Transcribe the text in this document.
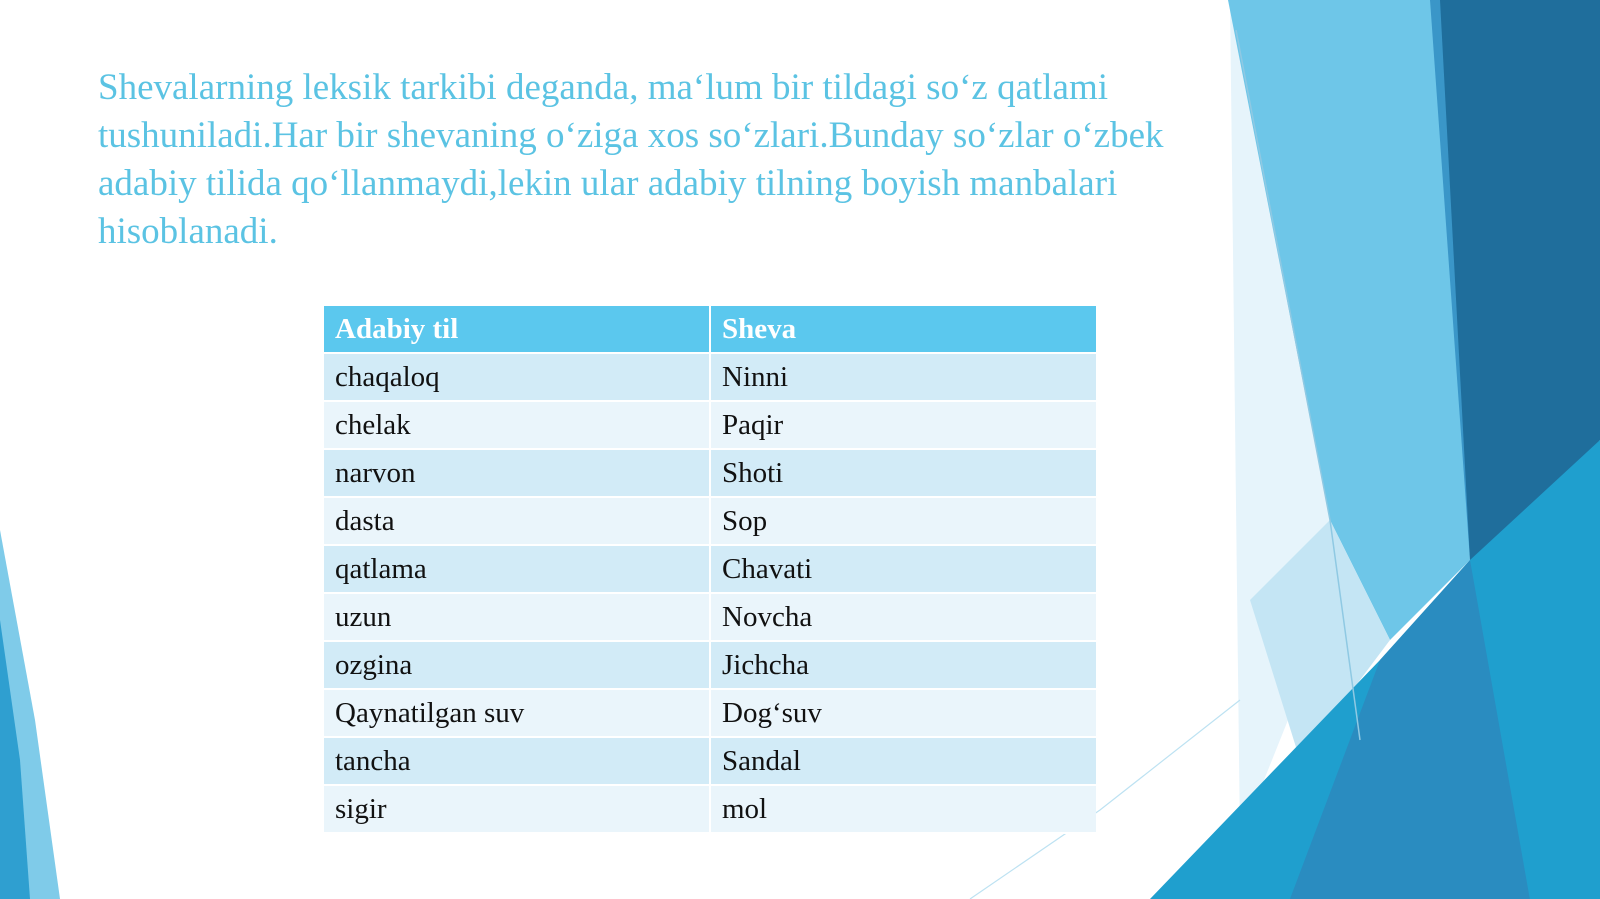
Shevalarning leksik tarkibi deganda, ma‘lum bir tildagi so‘z qatlami tushuniladi.Har bir shevaning o‘ziga xos so‘zlari.Bunday so‘zlar o‘zbek adabiy tilida qo‘llanmaydi,lekin ular adabiy tilning boyish manbalari hisoblanadi.

Adabiy til	Sheva
chaqaloq	Ninni
chelak	Paqir
narvon	Shoti
dasta	Sop
qatlama	Chavati
uzun	Novcha
ozgina	Jichcha
Qaynatilgan suv	Dog‘suv
tancha	Sandal
sigir	mol
